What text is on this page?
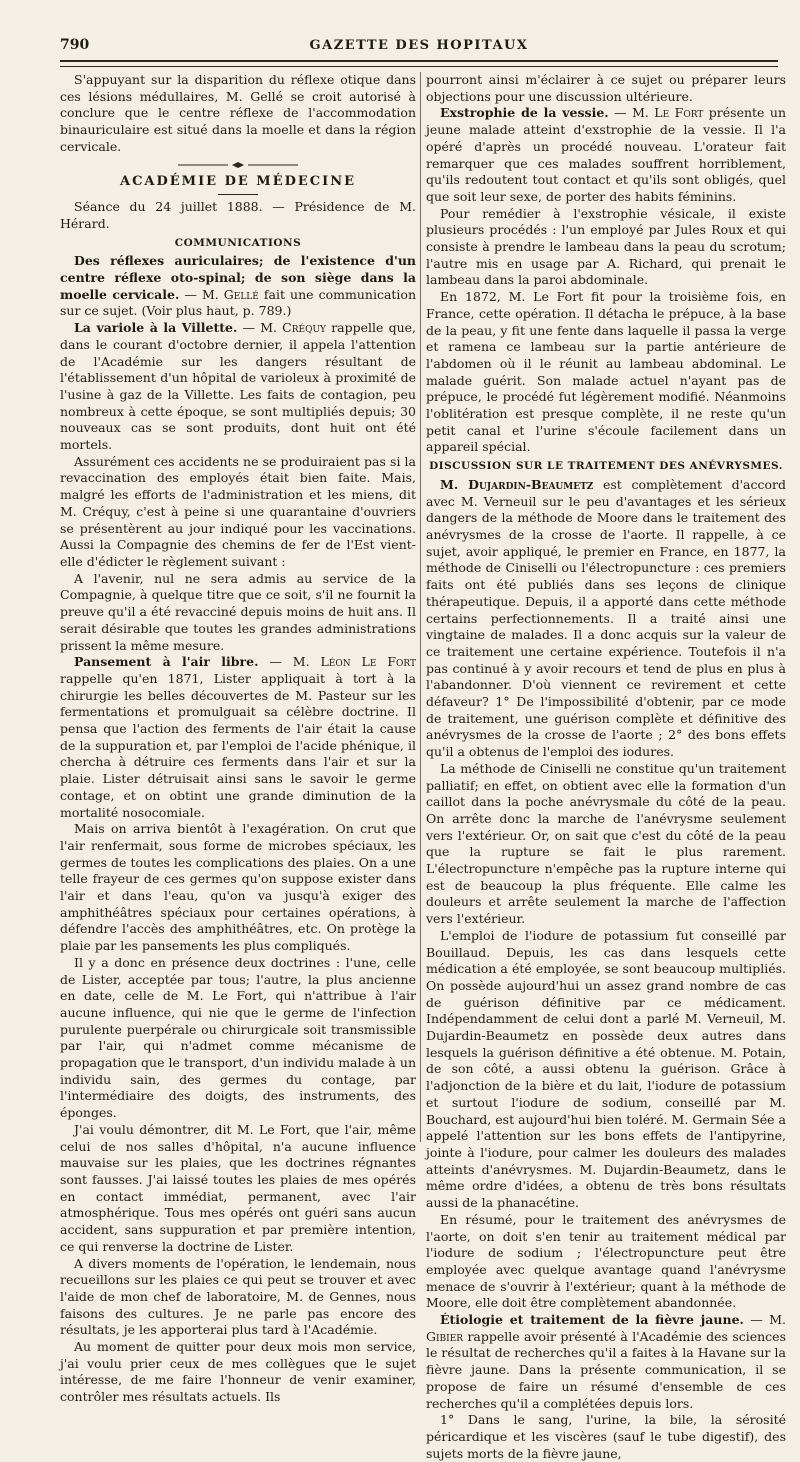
790	GAZETTE DES HOPITAUX

S'appuyant sur la disparition du réflexe otique dans ces lésions médullaires, M. Gellé se croit autorisé à conclure que le centre réflexe de l'accommodation binauriculaire est situé dans la moelle et dans la région cervicale.

ACADÉMIE DE MÉDECINE

Séance du 24 juillet 1888. — Présidence de M. Hérard.

COMMUNICATIONS

Des réflexes auriculaires; de l'existence d'un centre réflexe oto-spinal; de son siège dans la moelle cervicale. — M. Gellé fait une communication sur ce sujet. (Voir plus haut, p. 789.)

La variole à la Villette. — M. Créquy rappelle que, dans le courant d'octobre dernier, il appela l'attention de l'Académie sur les dangers résultant de l'établissement d'un hôpital de varioleux à proximité de l'usine à gaz de la Villette. Les faits de contagion, peu nombreux à cette époque, se sont multipliés depuis; 30 nouveaux cas se sont produits, dont huit ont été mortels.

Assurément ces accidents ne se produiraient pas si la revaccination des employés était bien faite. Mais, malgré les efforts de l'administration et les miens, dit M. Créquy, c'est à peine si une quarantaine d'ouvriers se présentèrent au jour indiqué pour les vaccinations. Aussi la Compagnie des chemins de fer de l'Est vient-elle d'édicter le règlement suivant :

A l'avenir, nul ne sera admis au service de la Compagnie, à quelque titre que ce soit, s'il ne fournit la preuve qu'il a été revacciné depuis moins de huit ans. Il serait désirable que toutes les grandes administrations prissent la même mesure.

Pansement à l'air libre. — M. Léon Le Fort rappelle qu'en 1871, Lister appliquait à tort à la chirurgie les belles découvertes de M. Pasteur sur les fermentations et promulguait sa célèbre doctrine. Il pensa que l'action des ferments de l'air était la cause de la suppuration et, par l'emploi de l'acide phénique, il chercha à détruire ces ferments dans l'air et sur la plaie. Lister détruisait ainsi sans le savoir le germe contage, et on obtint une grande diminution de la mortalité nosocomiale.

Mais on arriva bientôt à l'exagération. On crut que l'air renfermait, sous forme de microbes spéciaux, les germes de toutes les complications des plaies. On a une telle frayeur de ces germes qu'on suppose exister dans l'air et dans l'eau, qu'on va jusqu'à exiger des amphithéâtres spéciaux pour certaines opérations, à défendre l'accès des amphithéâtres, etc. On protège la plaie par les pansements les plus compliqués.

Il y a donc en présence deux doctrines : l'une, celle de Lister, acceptée par tous; l'autre, la plus ancienne en date, celle de M. Le Fort, qui n'attribue à l'air aucune influence, qui nie que le germe de l'infection purulente puerpérale ou chirurgicale soit transmissible par l'air, qui n'admet comme mécanisme de propagation que le transport, d'un individu malade à un individu sain, des germes du contage, par l'intermédiaire des doigts, des instruments, des éponges.

J'ai voulu démontrer, dit M. Le Fort, que l'air, même celui de nos salles d'hôpital, n'a aucune influence mauvaise sur les plaies, que les doctrines régnantes sont fausses. J'ai laissé toutes les plaies de mes opérés en contact immédiat, permanent, avec l'air atmosphérique. Tous mes opérés ont guéri sans aucun accident, sans suppuration et par première intention, ce qui renverse la doctrine de Lister.

A divers moments de l'opération, le lendemain, nous recueillons sur les plaies ce qui peut se trouver et avec l'aide de mon chef de laboratoire, M. de Gennes, nous faisons des cultures. Je ne parle pas encore des résultats, je les apporterai plus tard à l'Académie.

Au moment de quitter pour deux mois mon service, j'ai voulu prier ceux de mes collègues que le sujet intéresse, de me faire l'honneur de venir examiner, contrôler mes résultats actuels. Ils

pourront ainsi m'éclairer à ce sujet ou préparer leurs objections pour une discussion ultérieure.

Exstrophie de la vessie. — M. Le Fort présente un jeune malade atteint d'exstrophie de la vessie. Il l'a opéré d'après un procédé nouveau. L'orateur fait remarquer que ces malades souffrent horriblement, qu'ils redoutent tout contact et qu'ils sont obligés, quel que soit leur sexe, de porter des habits féminins.

Pour remédier à l'exstrophie vésicale, il existe plusieurs procédés : l'un employé par Jules Roux et qui consiste à prendre le lambeau dans la peau du scrotum; l'autre mis en usage par A. Richard, qui prenait le lambeau dans la paroi abdominale.

En 1872, M. Le Fort fit pour la troisième fois, en France, cette opération. Il détacha le prépuce, à la base de la peau, y fit une fente dans laquelle il passa la verge et ramena ce lambeau sur la partie antérieure de l'abdomen où il le réunit au lambeau abdominal. Le malade guérit. Son malade actuel n'ayant pas de prépuce, le procédé fut légèrement modifié. Néanmoins l'oblitération est presque complète, il ne reste qu'un petit canal et l'urine s'écoule facilement dans un appareil spécial.

DISCUSSION SUR LE TRAITEMENT DES ANÉVRYSMES.

M. Dujardin-Beaumetz est complètement d'accord avec M. Verneuil sur le peu d'avantages et les sérieux dangers de la méthode de Moore dans le traitement des anévrysmes de la crosse de l'aorte. Il rappelle, à ce sujet, avoir appliqué, le premier en France, en 1877, la méthode de Ciniselli ou l'électropuncture : ces premiers faits ont été publiés dans ses leçons de clinique thérapeutique. Depuis, il a apporté dans cette méthode certains perfectionnements. Il a traité ainsi une vingtaine de malades. Il a donc acquis sur la valeur de ce traitement une certaine expérience. Toutefois il n'a pas continué à y avoir recours et tend de plus en plus à l'abandonner. D'où viennent ce revirement et cette défaveur? 1° De l'impossibilité d'obtenir, par ce mode de traitement, une guérison complète et définitive des anévrysmes de la crosse de l'aorte ; 2° des bons effets qu'il a obtenus de l'emploi des iodures.

La méthode de Ciniselli ne constitue qu'un traitement palliatif; en effet, on obtient avec elle la formation d'un caillot dans la poche anévrysmale du côté de la peau. On arrête donc la marche de l'anévrysme seulement vers l'extérieur. Or, on sait que c'est du côté de la peau que la rupture se fait le plus rarement. L'électropuncture n'empêche pas la rupture interne qui est de beaucoup la plus fréquente. Elle calme les douleurs et arrête seulement la marche de l'affection vers l'extérieur.

L'emploi de l'iodure de potassium fut conseillé par Bouillaud. Depuis, les cas dans lesquels cette médication a été employée, se sont beaucoup multipliés. On possède aujourd'hui un assez grand nombre de cas de guérison définitive par ce médicament. Indépendamment de celui dont a parlé M. Verneuil, M. Dujardin-Beaumetz en possède deux autres dans lesquels la guérison définitive a été obtenue. M. Potain, de son côté, a aussi obtenu la guérison. Grâce à l'adjonction de la bière et du lait, l'iodure de potassium et surtout l'iodure de sodium, conseillé par M. Bouchard, est aujourd'hui bien toléré. M. Germain Sée a appelé l'attention sur les bons effets de l'antipyrine, jointe à l'iodure, pour calmer les douleurs des malades atteints d'anévrysmes. M. Dujardin-Beaumetz, dans le même ordre d'idées, a obtenu de très bons résultats aussi de la phanacétine.

En résumé, pour le traitement des anévrysmes de l'aorte, on doit s'en tenir au traitement médical par l'iodure de sodium ; l'électropuncture peut être employée avec quelque avantage quand l'anévrysme menace de s'ouvrir à l'extérieur; quant à la méthode de Moore, elle doit être complètement abandonnée.

Étiologie et traitement de la fièvre jaune. — M. Gibier rappelle avoir présenté à l'Académie des sciences le résultat de recherches qu'il a faites à la Havane sur la fièvre jaune. Dans la présente communication, il se propose de faire un résumé d'ensemble de ces recherches qu'il a complétées depuis lors.

1° Dans le sang, l'urine, la bile, la sérosité péricardique et les viscères (sauf le tube digestif), des sujets morts de la fièvre jaune,
